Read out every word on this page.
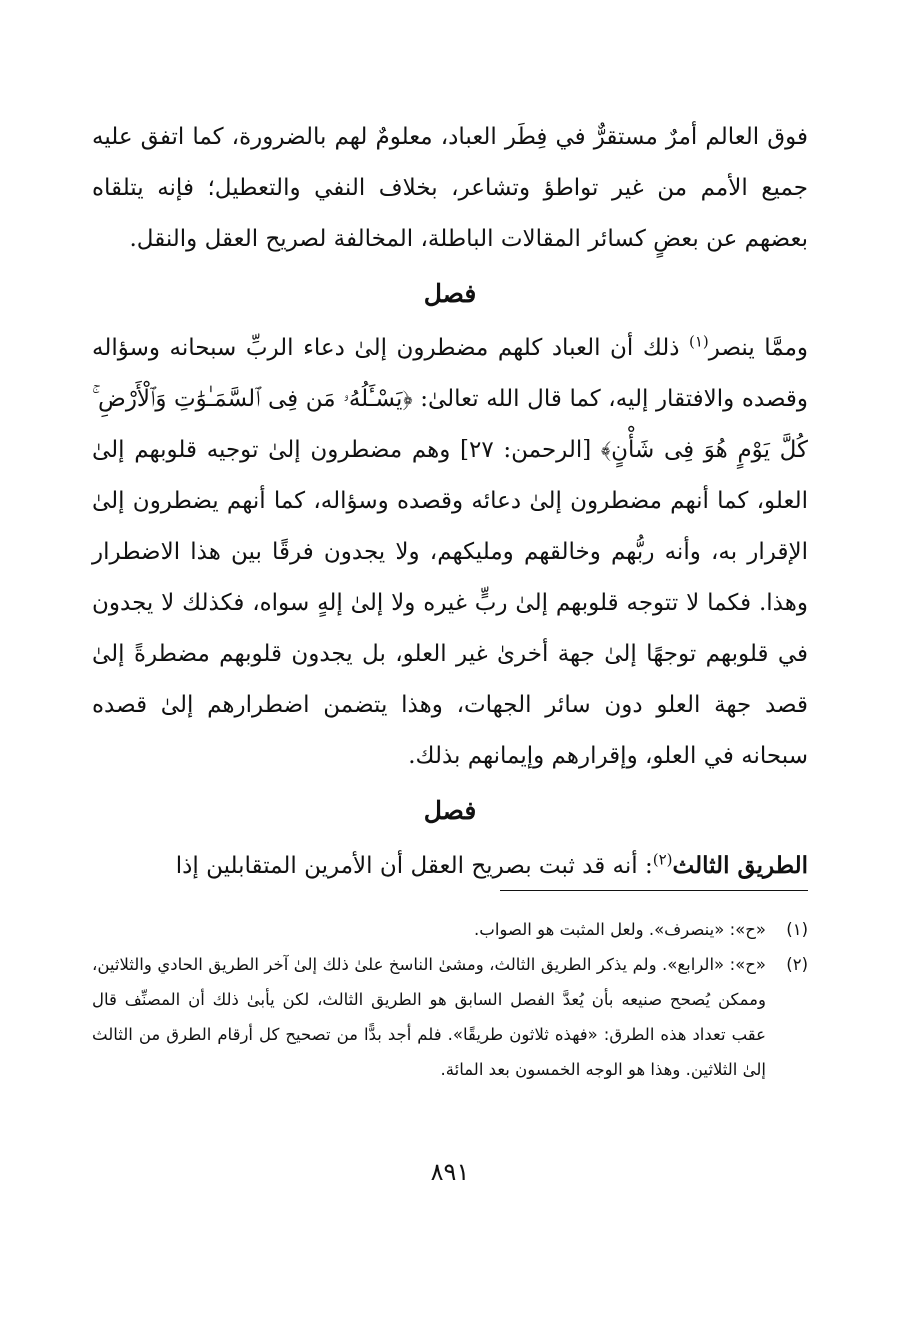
فوق العالم أمرٌ مستقرٌّ في فِطَر العباد، معلومٌ لهم بالضرورة، كما اتفق عليه جميع الأمم من غير تواطؤ وتشاعر، بخلاف النفي والتعطيل؛ فإنه يتلقاه بعضهم عن بعضٍ كسائر المقالات الباطلة، المخالفة لصريح العقل والنقل.

فصل

وممَّا ينصر$^{(١)}$ ذلك أن العباد كلهم مضطرون إلىٰ دعاء الربِّ سبحانه وسؤاله وقصده والافتقار إليه، كما قال الله تعالىٰ: ﴿يَسْـَٔلُهُۥ مَن فِى ٱلسَّمَـٰوَٰتِ وَٱلْأَرْضِ ۚ كُلَّ يَوْمٍ هُوَ فِى شَأْنٍ﴾ [الرحمن: ٢٧] وهم مضطرون إلىٰ توجيه قلوبهم إلىٰ العلو، كما أنهم مضطرون إلىٰ دعائه وقصده وسؤاله، كما أنهم يضطرون إلىٰ الإقرار به، وأنه ربُّهم وخالقهم ومليكهم، ولا يجدون فرقًا بين هذا الاضطرار وهذا. فكما لا تتوجه قلوبهم إلىٰ ربٍّ غيره ولا إلىٰ إلهٍ سواه، فكذلك لا يجدون في قلوبهم توجهًا إلىٰ جهة أخرىٰ غير العلو، بل يجدون قلوبهم مضطرةً إلىٰ قصد جهة العلو دون سائر الجهات، وهذا يتضمن اضطرارهم إلىٰ قصده سبحانه في العلو، وإقرارهم وإيمانهم بذلك.

فصل

الطريق الثالث$^{(٢)}$: أنه قد ثبت بصريح العقل أن الأمرين المتقابلين إذا

(١)
«ح»: «ينصرف». ولعل المثبت هو الصواب.
(٢)
«ح»: «الرابع». ولم يذكر الطريق الثالث، ومشىٰ الناسخ علىٰ ذلك إلىٰ آخر الطريق الحادي والثلاثين، وممكن يُصحح صنيعه بأن يُعدَّ الفصل السابق هو الطريق الثالث، لكن يأبىٰ ذلك أن المصنِّف قال عقب تعداد هذه الطرق: «فهذه ثلاثون طريقًا». فلم أجد بدًّا من تصحيح كل أرقام الطرق من الثالث إلىٰ الثلاثين. وهذا هو الوجه الخمسون بعد المائة.
٨٩١
